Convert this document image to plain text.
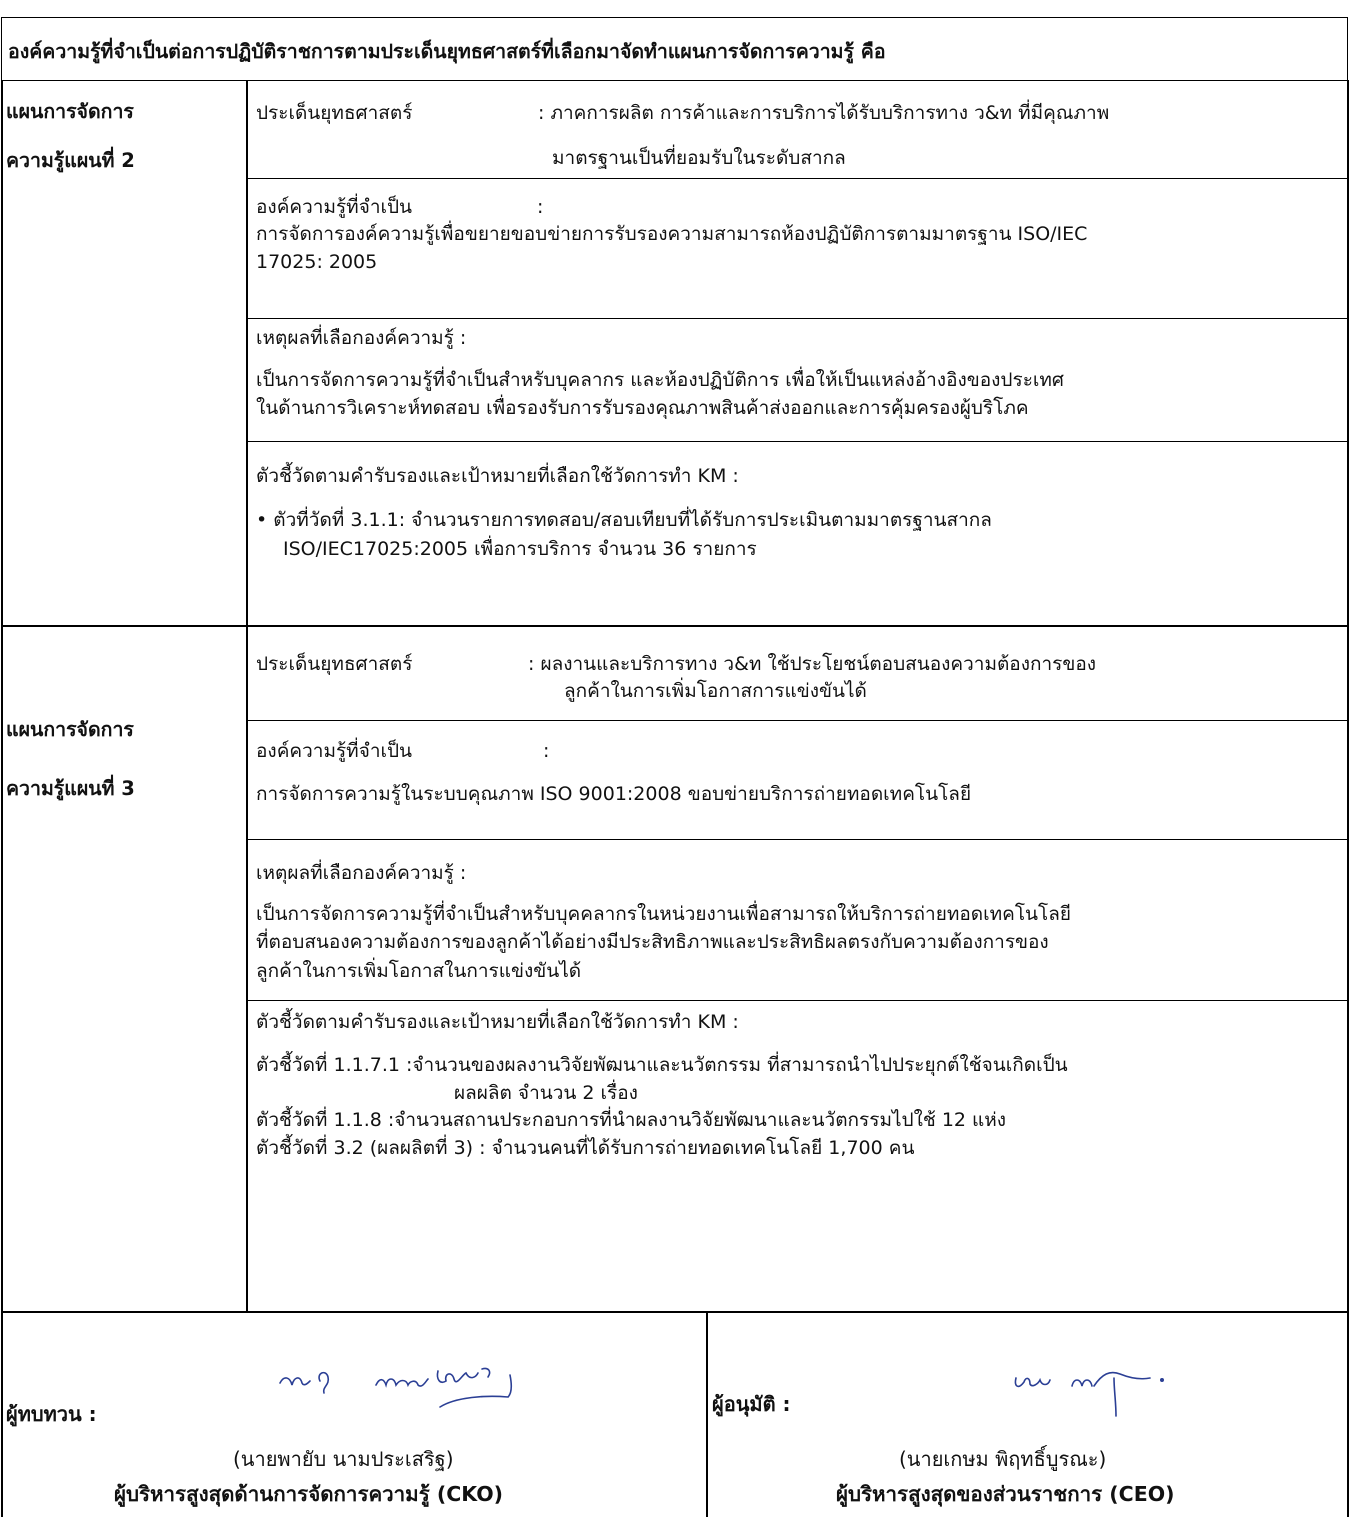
องค์ความรู้ที่จำเป็นต่อการปฏิบัติราชการตามประเด็นยุทธศาสตร์ที่เลือกมาจัดทำแผนการจัดการความรู้ คือ
แผนการจัดการ
ความรู้แผนที่ 2
ประเด็นยุทธศาสตร์	: ภาคการผลิต การค้าและการบริการได้รับบริการทาง ว&ท ที่มีคุณภาพ
มาตรฐานเป็นที่ยอมรับในระดับสากล
องค์ความรู้ที่จำเป็น	:
การจัดการองค์ความรู้เพื่อขยายขอบข่ายการรับรองความสามารถห้องปฏิบัติการตามมาตรฐาน ISO/IEC
17025: 2005
เหตุผลที่เลือกองค์ความรู้ :
เป็นการจัดการความรู้ที่จำเป็นสำหรับบุคลากร และห้องปฏิบัติการ เพื่อให้เป็นแหล่งอ้างอิงของประเทศ
ในด้านการวิเคราะห์ทดสอบ เพื่อรองรับการรับรองคุณภาพสินค้าส่งออกและการคุ้มครองผู้บริโภค
ตัวชี้วัดตามคำรับรองและเป้าหมายที่เลือกใช้วัดการทำ KM :
• ตัวที่วัดที่ 3.1.1: จำนวนรายการทดสอบ/สอบเทียบที่ได้รับการประเมินตามมาตรฐานสากล
ISO/IEC17025:2005 เพื่อการบริการ จำนวน 36 รายการ
แผนการจัดการ
ความรู้แผนที่ 3
ประเด็นยุทธศาสตร์	: ผลงานและบริการทาง ว&ท ใช้ประโยชน์ตอบสนองความต้องการของ
ลูกค้าในการเพิ่มโอกาสการแข่งขันได้
องค์ความรู้ที่จำเป็น	:
การจัดการความรู้ในระบบคุณภาพ ISO 9001:2008 ขอบข่ายบริการถ่ายทอดเทคโนโลยี
เหตุผลที่เลือกองค์ความรู้ :
เป็นการจัดการความรู้ที่จำเป็นสำหรับบุคคลากรในหน่วยงานเพื่อสามารถให้บริการถ่ายทอดเทคโนโลยี
ที่ตอบสนองความต้องการของลูกค้าได้อย่างมีประสิทธิภาพและประสิทธิผลตรงกับความต้องการของ
ลูกค้าในการเพิ่มโอกาสในการแข่งขันได้
ตัวชี้วัดตามคำรับรองและเป้าหมายที่เลือกใช้วัดการทำ KM :
ตัวชี้วัดที่ 1.1.7.1 :จำนวนของผลงานวิจัยพัฒนาและนวัตกรรม ที่สามารถนำไปประยุกต์ใช้จนเกิดเป็น
ผลผลิต จำนวน 2 เรื่อง
ตัวชี้วัดที่ 1.1.8 :จำนวนสถานประกอบการที่นำผลงานวิจัยพัฒนาและนวัตกรรมไปใช้ 12 แห่ง
ตัวชี้วัดที่ 3.2 (ผลผลิตที่ 3) : จำนวนคนที่ได้รับการถ่ายทอดเทคโนโลยี 1,700 คน
ผู้ทบทวน :
(นายพายับ นามประเสริฐ)
ผู้บริหารสูงสุดด้านการจัดการความรู้ (CKO)
ผู้อนุมัติ :
(นายเกษม พิฤทธิ์บูรณะ)
ผู้บริหารสูงสุดของส่วนราชการ (CEO)
